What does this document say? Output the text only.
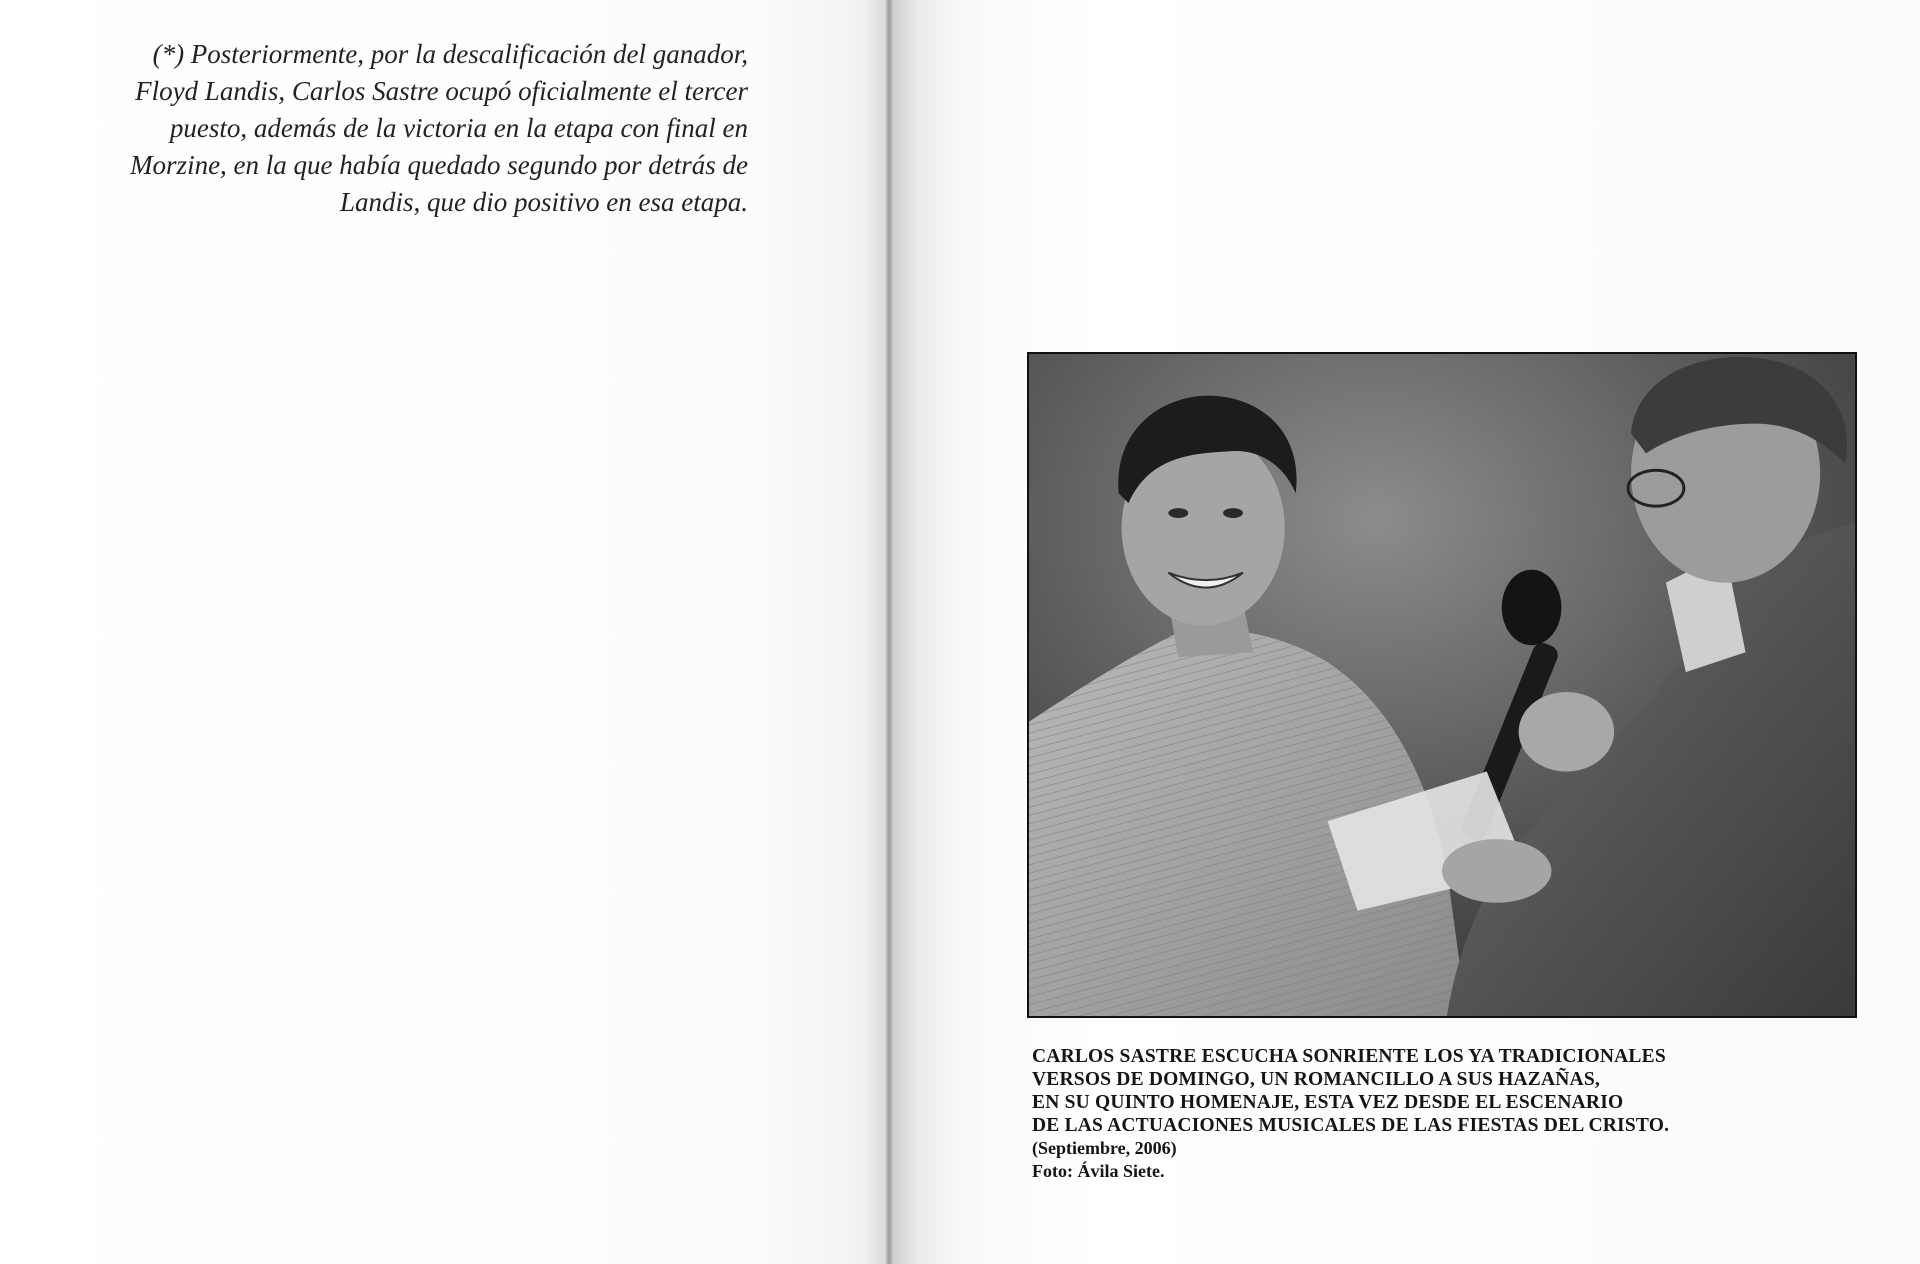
(*) Posteriormente, por la descalificación del ganador, Floyd Landis, Carlos Sastre ocupó oficialmente el tercer puesto, además de la victoria en la etapa con final en Morzine, en la que había quedado segundo por detrás de Landis, que dio positivo en esa etapa.

CARLOS SASTRE ESCUCHA SONRIENTE LOS YA TRADICIONALES
VERSOS DE DOMINGO, UN ROMANCILLO A SUS HAZAÑAS,
EN SU QUINTO HOMENAJE, ESTA VEZ DESDE EL ESCENARIO
DE LAS ACTUACIONES MUSICALES DE LAS FIESTAS DEL CRISTO.
(Septiembre, 2006)
Foto: Ávila Siete.
